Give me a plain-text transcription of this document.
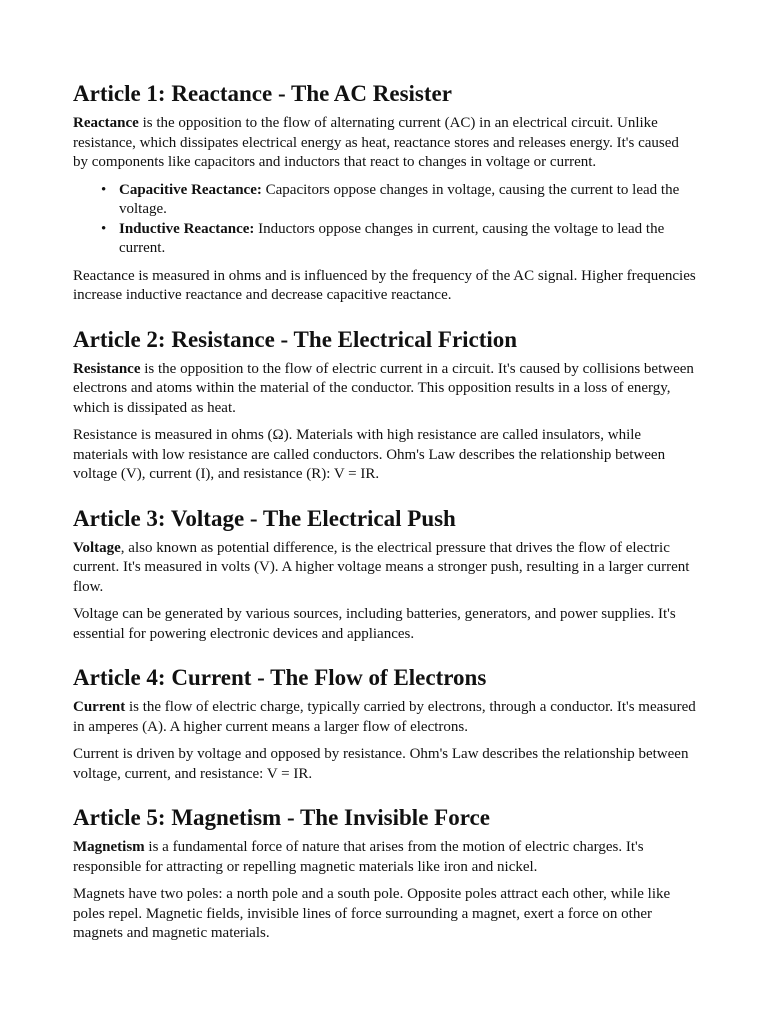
Article 1: Reactance - The AC Resister

Reactance is the opposition to the flow of alternating current (AC) in an electrical circuit. Unlike resistance, which dissipates electrical energy as heat, reactance stores and releases energy. It's caused by components like capacitors and inductors that react to changes in voltage or current.

• Capacitive Reactance: Capacitors oppose changes in voltage, causing the current to lead the voltage.
• Inductive Reactance: Inductors oppose changes in current, causing the voltage to lead the current.

Reactance is measured in ohms and is influenced by the frequency of the AC signal. Higher frequencies increase inductive reactance and decrease capacitive reactance.

Article 2: Resistance - The Electrical Friction

Resistance is the opposition to the flow of electric current in a circuit. It's caused by collisions between electrons and atoms within the material of the conductor. This opposition results in a loss of energy, which is dissipated as heat.

Resistance is measured in ohms (Ω). Materials with high resistance are called insulators, while materials with low resistance are called conductors. Ohm's Law describes the relationship between voltage (V), current (I), and resistance (R): V = IR.

Article 3: Voltage - The Electrical Push

Voltage, also known as potential difference, is the electrical pressure that drives the flow of electric current. It's measured in volts (V). A higher voltage means a stronger push, resulting in a larger current flow.

Voltage can be generated by various sources, including batteries, generators, and power supplies. It's essential for powering electronic devices and appliances.

Article 4: Current - The Flow of Electrons

Current is the flow of electric charge, typically carried by electrons, through a conductor. It's measured in amperes (A). A higher current means a larger flow of electrons.

Current is driven by voltage and opposed by resistance. Ohm's Law describes the relationship between voltage, current, and resistance: V = IR.

Article 5: Magnetism - The Invisible Force

Magnetism is a fundamental force of nature that arises from the motion of electric charges. It's responsible for attracting or repelling magnetic materials like iron and nickel.

Magnets have two poles: a north pole and a south pole. Opposite poles attract each other, while like poles repel. Magnetic fields, invisible lines of force surrounding a magnet, exert a force on other magnets and magnetic materials.
